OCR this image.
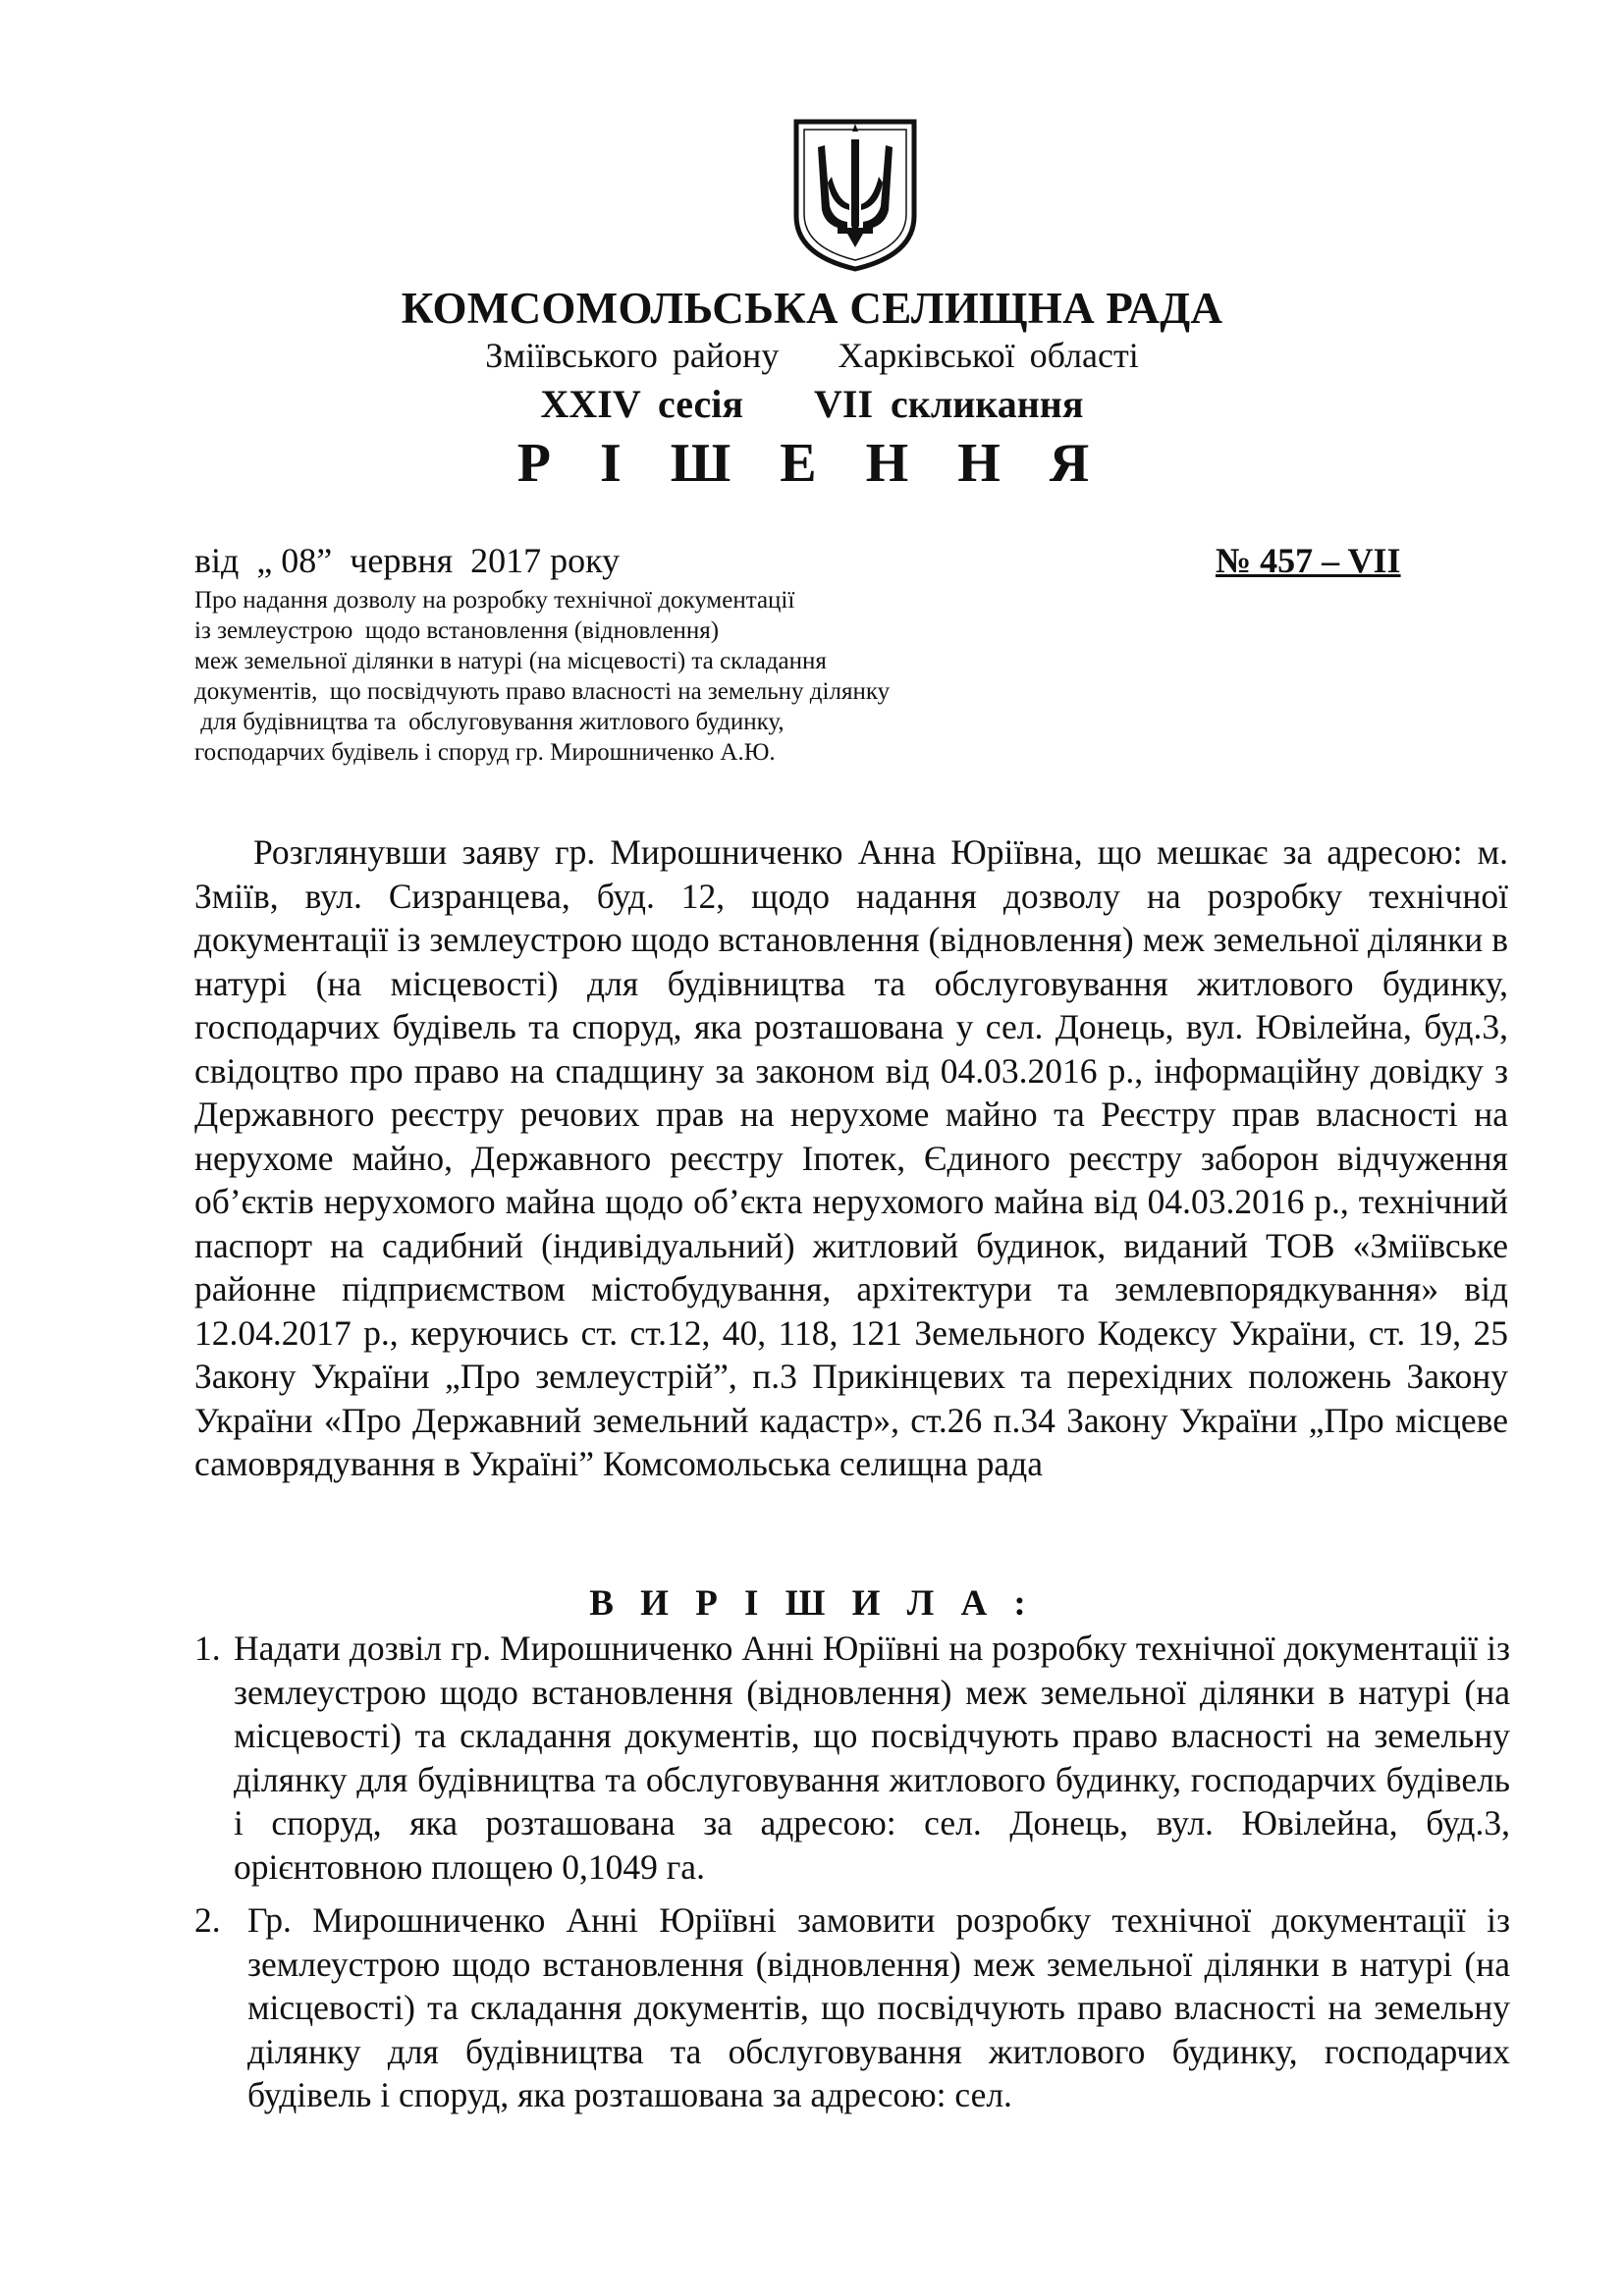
КОМСОМОЛЬСЬКА СЕЛИЩНА РАДА
Зміївського району    Харківської області
XXIV сесія    VII скликання
Р І Ш Е Н Н Я
від  „ 08”  червня  2017 року	№ 457 – VII
Про надання дозволу на розробку технічної документації
із землеустрою  щодо встановлення (відновлення)
меж земельної ділянки в натурі (на місцевості) та складання
документів,  що посвідчують право власності на земельну ділянку
для будівництва та  обслуговування житлового будинку,
господарчих будівель і споруд гр. Мирошниченко А.Ю.
Розглянувши заяву гр. Мирошниченко Анна Юріївна, що мешкає за адресою: м. Зміїв, вул. Сизранцева, буд. 12, щодо надання дозволу на розробку технічної документації із землеустрою щодо встановлення (відновлення) меж земельної ділянки в натурі (на місцевості) для будівництва та обслуговування житлового будинку, господарчих будівель та споруд, яка розташована у сел. Донець, вул. Ювілейна, буд.3, свідоцтво про право на спадщину за законом від 04.03.2016 р., інформаційну довідку з Державного реєстру речових прав на нерухоме майно та Реєстру прав власності на нерухоме майно, Державного реєстру Іпотек, Єдиного реєстру заборон відчуження об’єктів нерухомого майна щодо об’єкта нерухомого майна від 04.03.2016 р., технічний паспорт на садибний (індивідуальний) житловий будинок, виданий ТОВ «Зміївське районне підприємством містобудування, архітектури та землевпорядкування» від 12.04.2017 р., керуючись ст. ст.12, 40, 118, 121 Земельного Кодексу України, ст. 19, 25 Закону України „Про землеустрій”, п.3 Прикінцевих та перехідних положень Закону України «Про Державний земельний кадастр», ст.26 п.34 Закону України „Про місцеве самоврядування в Україні” Комсомольська селищна рада
В И Р І Ш И Л А :
1. Надати дозвіл гр. Мирошниченко Анні Юріївні на розробку технічної документації із землеустрою щодо встановлення (відновлення) меж земельної ділянки в натурі (на місцевості) та складання документів, що посвідчують право власності на земельну ділянку для будівництва та обслуговування житлового будинку, господарчих будівель і споруд, яка розташована за адресою: сел. Донець, вул. Ювілейна, буд.3, орієнтовною площею 0,1049 га.
2. Гр. Мирошниченко Анні Юріївні замовити розробку технічної документації із землеустрою щодо встановлення (відновлення) меж земельної ділянки в натурі (на місцевості) та складання документів, що посвідчують право власності на земельну ділянку для будівництва та обслуговування житлового будинку, господарчих будівель і споруд, яка розташована за адресою: сел.
